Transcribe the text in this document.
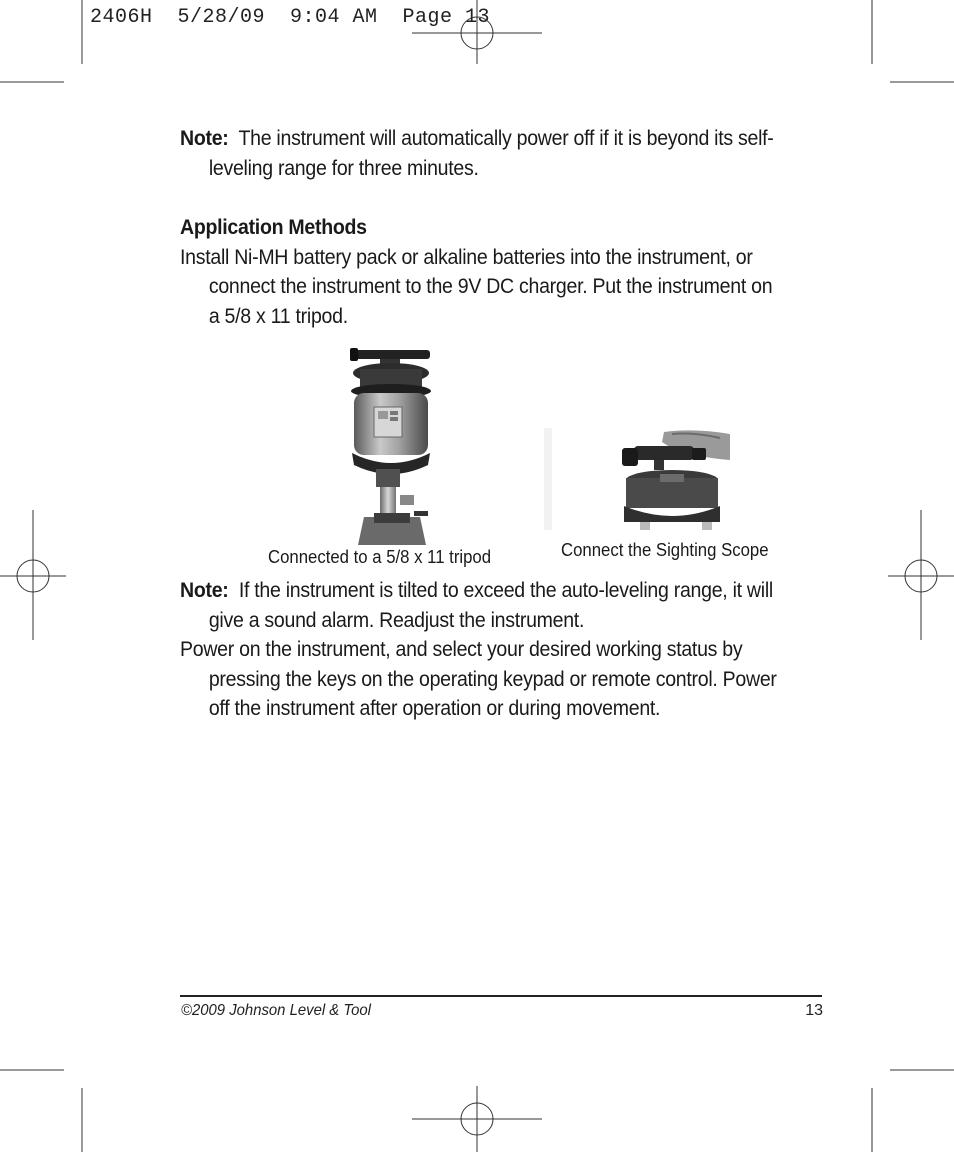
2406H  5/28/09  9:04 AM  Page 13

Note: The instrument will automatically power off if it is beyond its self-leveling range for three minutes.

Application Methods

Install Ni-MH battery pack or alkaline batteries into the instrument, or connect the instrument to the 9V DC charger. Put the instrument on a 5/8 x 11 tripod.

Connected to a 5/8 x 11 tripod	Connect the Sighting Scope

Note: If the instrument is tilted to exceed the auto-leveling range, it will give a sound alarm. Readjust the instrument.

Power on the instrument, and select your desired working status by pressing the keys on the operating keypad or remote control. Power off the instrument after operation or during movement.

©2009 Johnson Level & Tool	13
